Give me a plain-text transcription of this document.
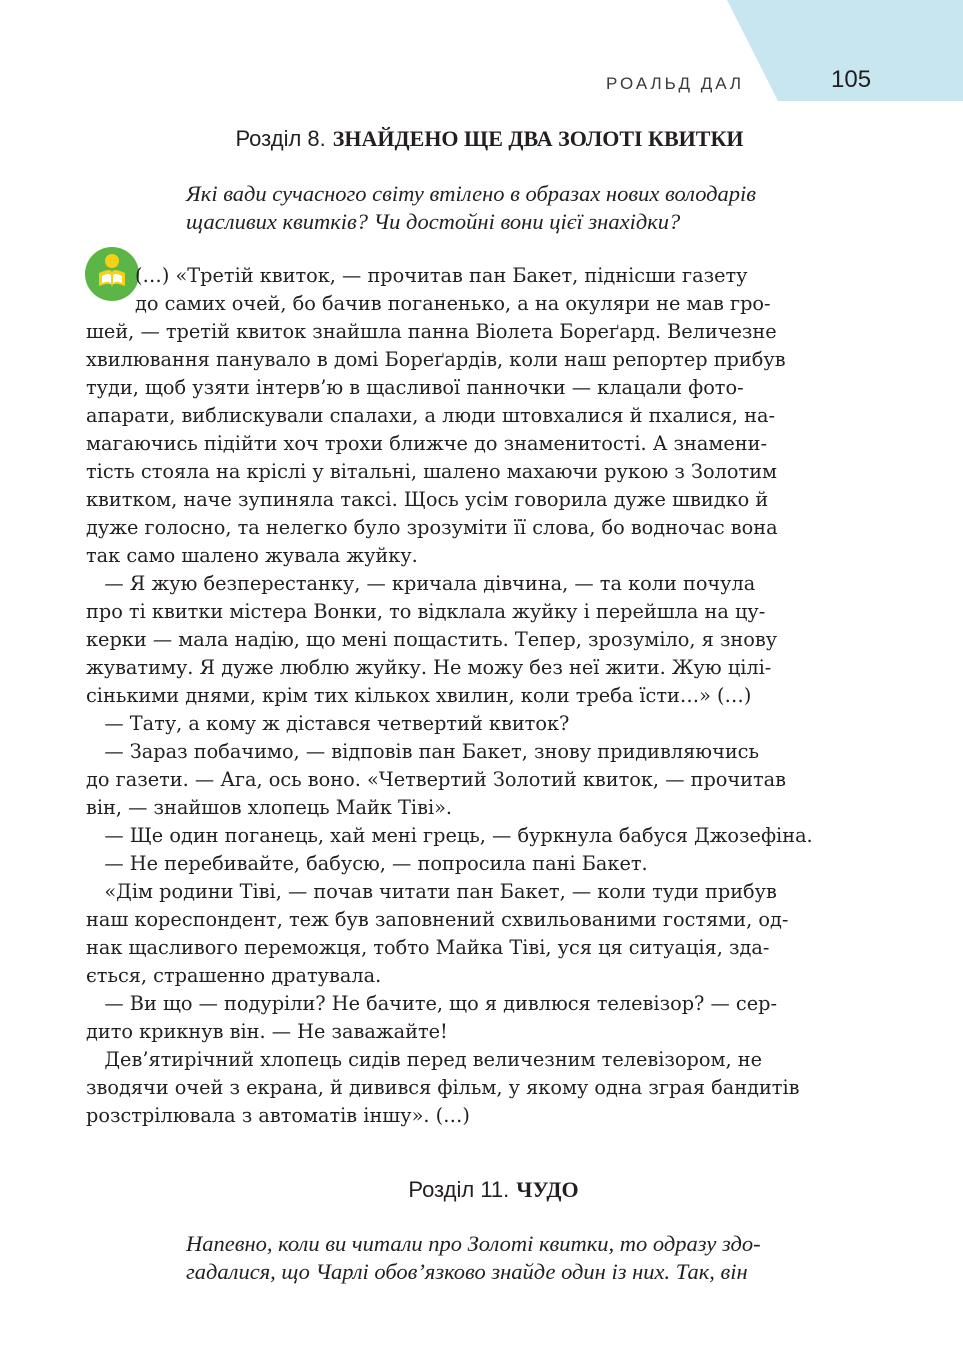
РОАЛЬД ДАЛ	105
Розділ 8. ЗНАЙДЕНО ЩЕ ДВА ЗОЛОТІ КВИТКИ
Які вади сучасного світу втілено в образах нових володарів
щасливих квитків? Чи достойні вони цієї знахідки?
(…) «Третій квиток, — прочитав пан Бакет, піднісши газету
до самих очей, бо бачив поганенько, а на окуляри не мав гро-
шей, — третій квиток знайшла панна Віолета Бореґард. Величезне
хвилювання панувало в домі Бореґардів, коли наш репортер прибув
туди, щоб узяти інтерв’ю в щасливої панночки — клацали фото-
апарати, виблискували спалахи, а люди штовхалися й пхалися, на-
магаючись підійти хоч трохи ближче до знаменитості. А знамени-
тість стояла на кріслі у вітальні, шалено махаючи рукою з Золотим
квитком, наче зупиняла таксі. Щось усім говорила дуже швидко й
дуже голосно, та нелегко було зрозуміти її слова, бо водночас вона
так само шалено жувала жуйку.
— Я жую безперестанку, — кричала дівчина, — та коли почула
про ті квитки містера Вонки, то відклала жуйку і перейшла на цу-
керки — мала надію, що мені пощастить. Тепер, зрозуміло, я знову
жуватиму. Я дуже люблю жуйку. Не можу без неї жити. Жую цілі-
сінькими днями, крім тих кількох хвилин, коли треба їсти…» (…)
— Тату, а кому ж дістався четвертий квиток?
— Зараз побачимо, — відповів пан Бакет, знову придивляючись
до газети. — Ага, ось воно. «Четвертий Золотий квиток, — прочитав
він, — знайшов хлопець Майк Тіві».
— Ще один поганець, хай мені грець, — буркнула бабуся Джозефіна.
— Не перебивайте, бабусю, — попросила пані Бакет.
«Дім родини Тіві, — почав читати пан Бакет, — коли туди прибув
наш кореспондент, теж був заповнений схвильованими гостями, од-
нак щасливого переможця, тобто Майка Тіві, уся ця ситуація, зда-
ється, страшенно дратувала.
— Ви що — подуріли? Не бачите, що я дивлюся телевізор? — сер-
дито крикнув він. — Не заважайте!
Дев’ятирічний хлопець сидів перед величезним телевізором, не
зводячи очей з екрана, й дивився фільм, у якому одна зграя бандитів
розстрілювала з автоматів іншу». (…)
Розділ 11. ЧУДО
Напевно, коли ви читали про Золоті квитки, то одразу здо-
гадалися, що Чарлі обов’язково знайде один із них. Так, він
